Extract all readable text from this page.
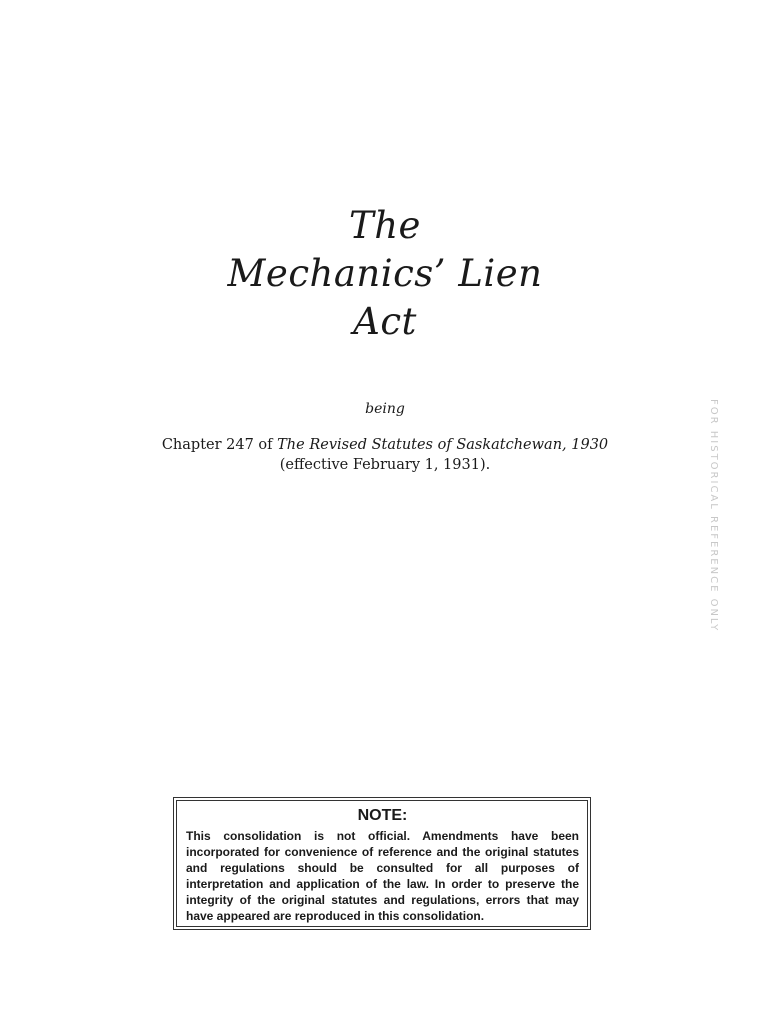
The
Mechanics’ Lien
Act
being
Chapter 247 of The Revised Statutes of Saskatchewan, 1930
(effective February 1, 1931).	FOR HISTORICAL REFERENCE ONLY
NOTE:
This consolidation is not official. Amendments have been incorporated for convenience of reference and the original statutes and regulations should be consulted for all purposes of interpretation and application of the law. In order to preserve the integrity of the original statutes and regulations, errors that may have appeared are reproduced in this consolidation.
